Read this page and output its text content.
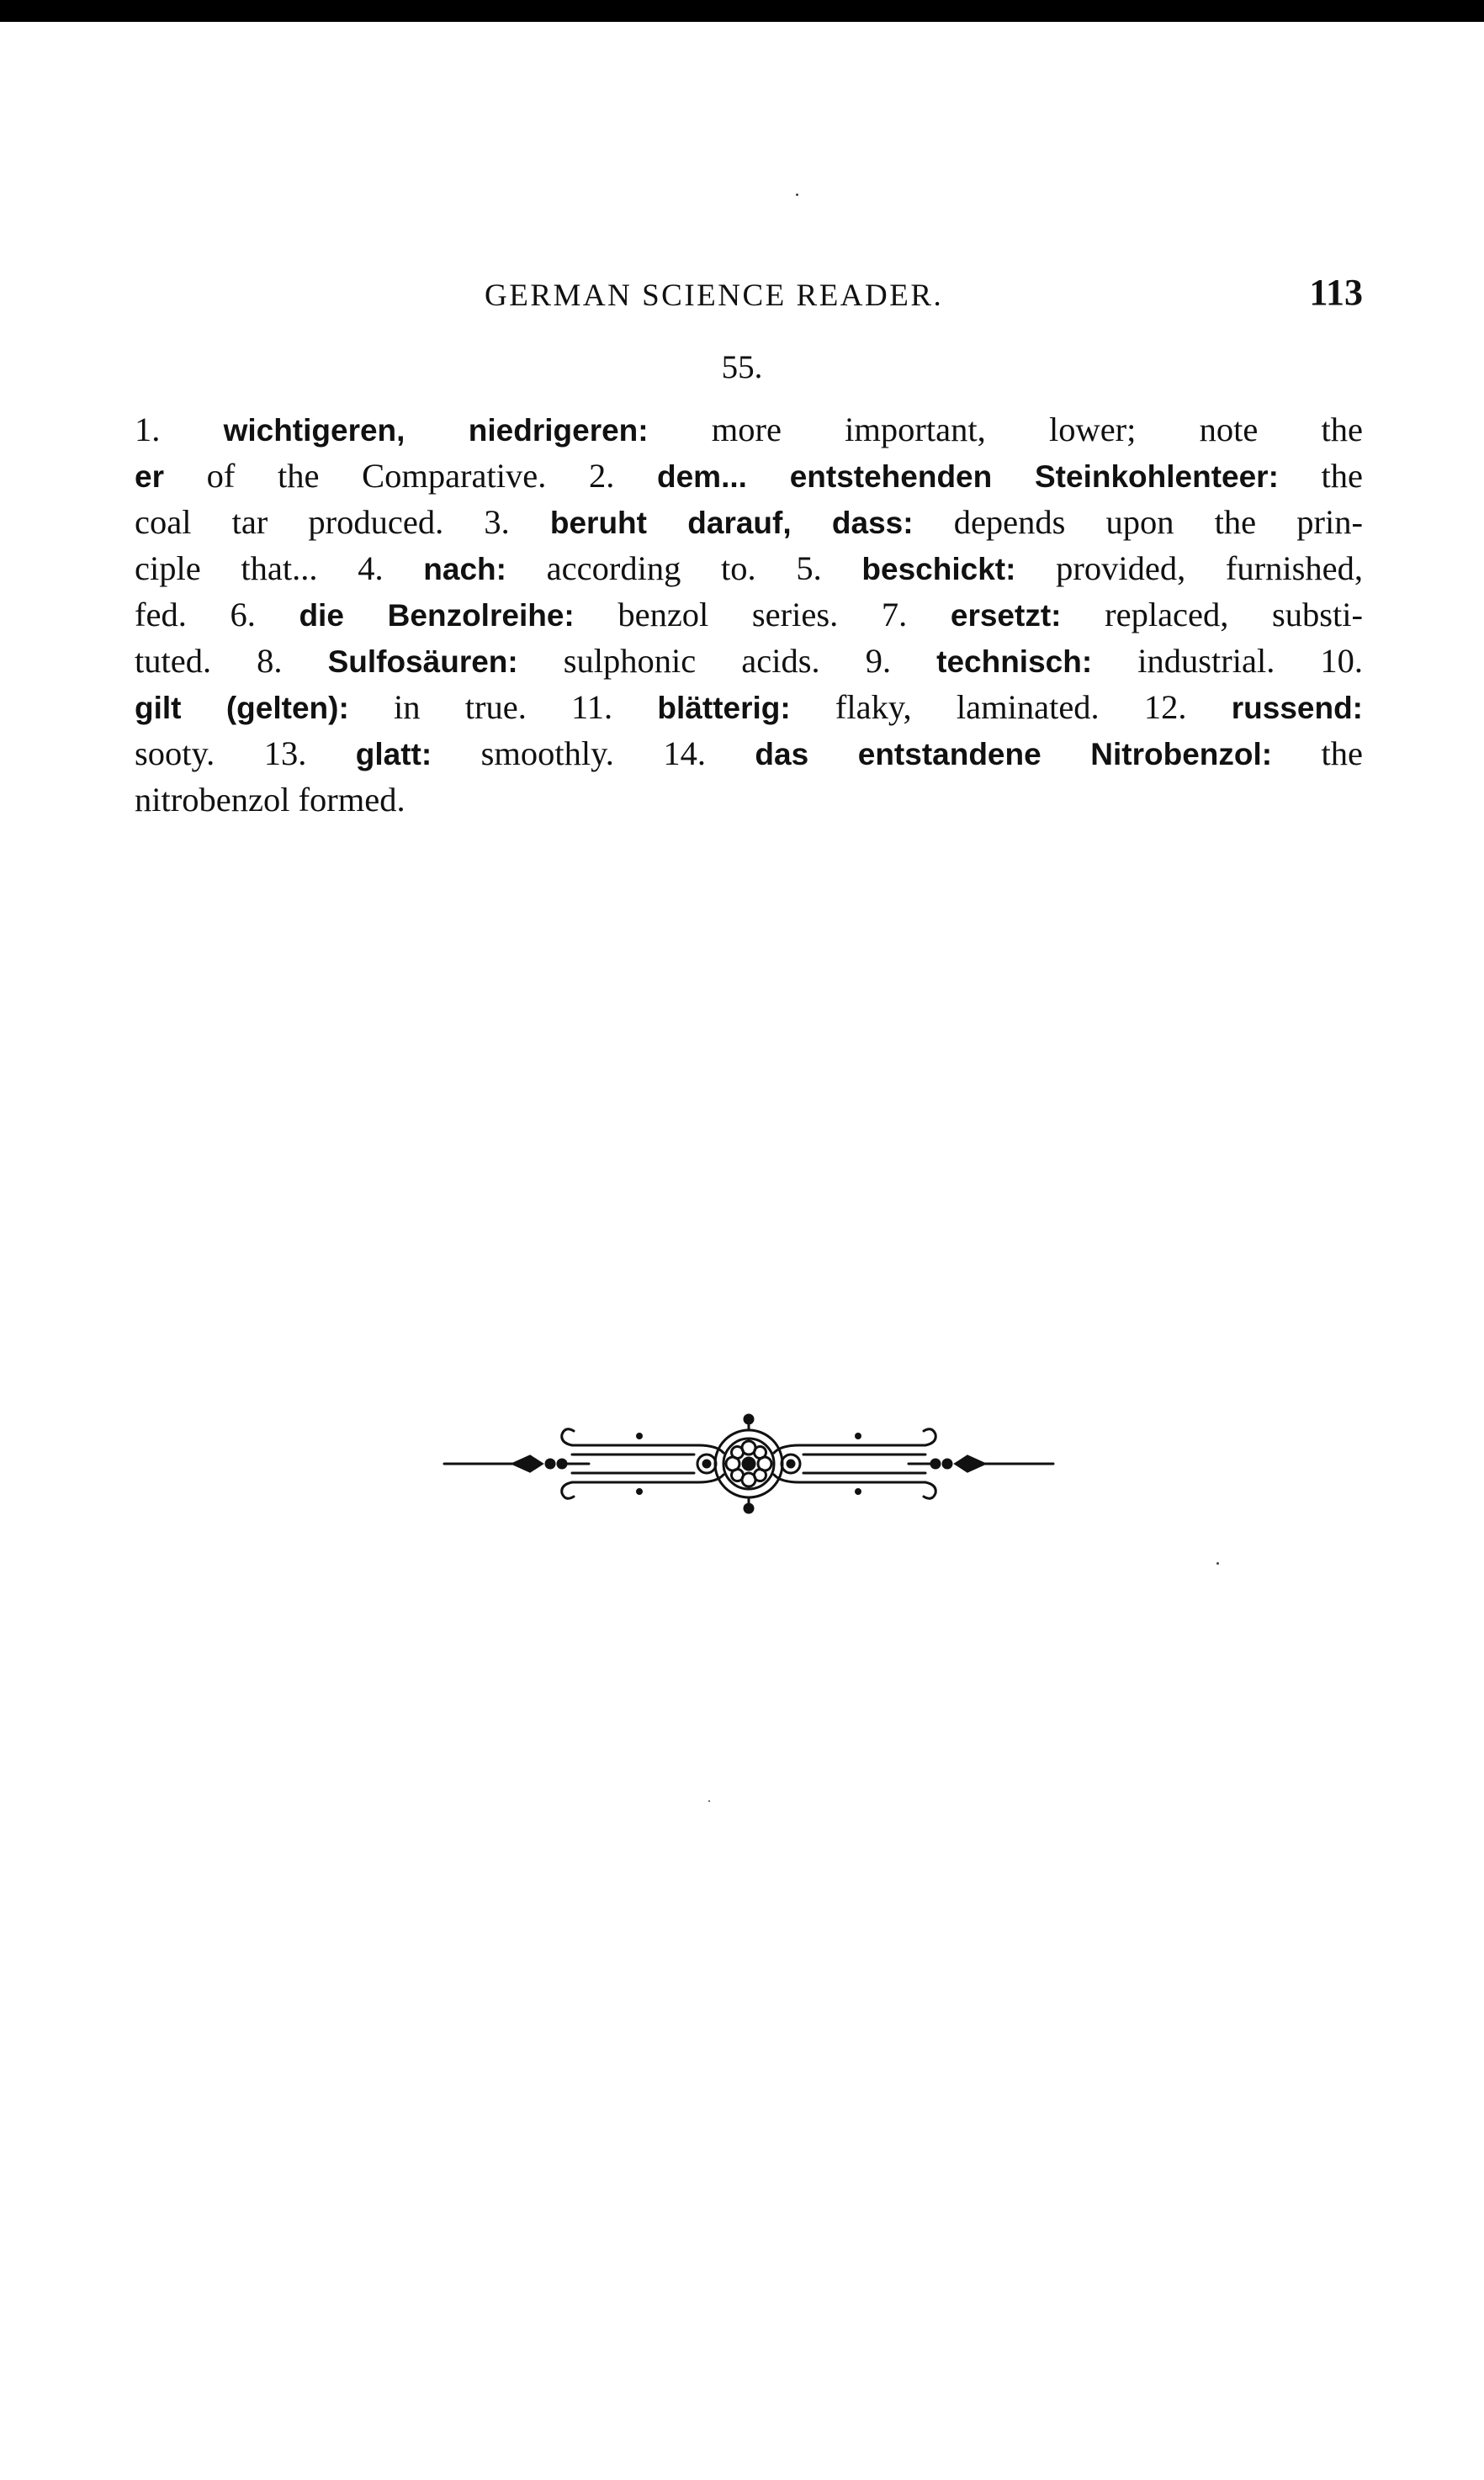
GERMAN SCIENCE READER.	113
55.
1. wichtigeren, niedrigeren: more important, lower; note the
er of the Comparative. 2. dem... entstehenden Steinkohlenteer: the
coal tar produced. 3. beruht darauf, dass: depends upon the prin-
ciple that... 4. nach: according to. 5. beschickt: provided, furnished,
fed. 6. die Benzolreihe: benzol series. 7. ersetzt: replaced, substi-
tuted. 8. Sulfosäuren: sulphonic acids. 9. technisch: industrial. 10.
gilt (gelten): in true. 11. blätterig: flaky, laminated. 12. russend:
sooty. 13. glatt: smoothly. 14. das entstandene Nitrobenzol: the
nitrobenzol formed.
